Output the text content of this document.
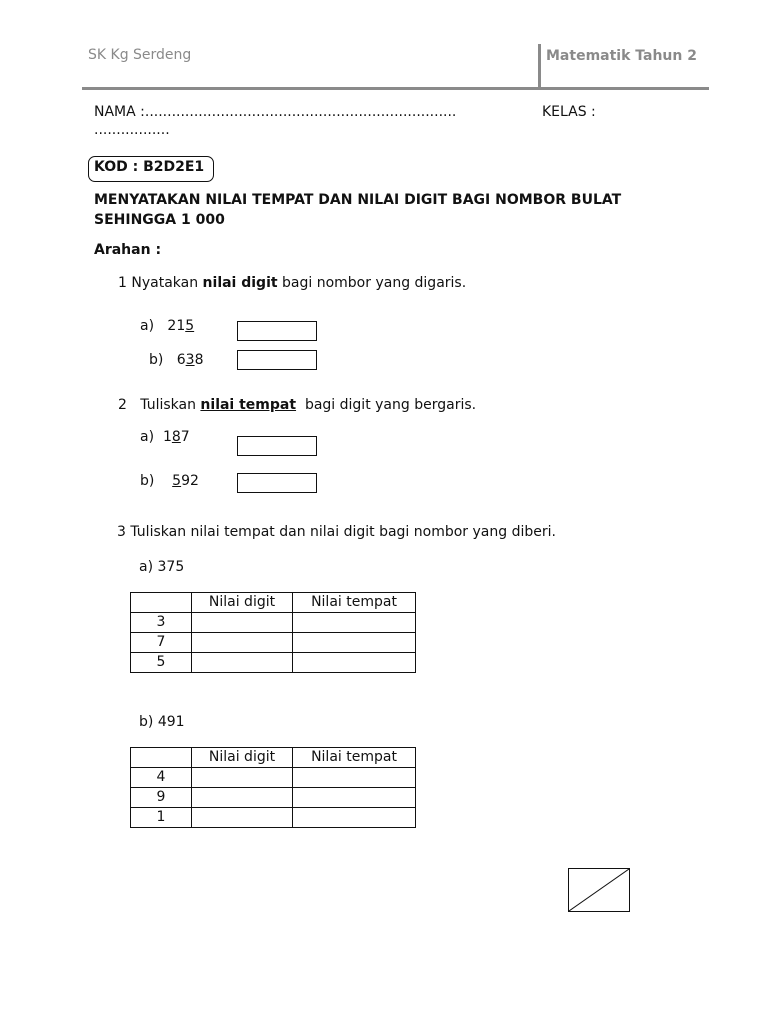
SK Kg Serdeng	Matematik Tahun 2
NAMA :......................................................................	KELAS :
.................
KOD : B2D2E1
MENYATAKAN NILAI TEMPAT DAN NILAI DIGIT BAGI NOMBOR BULAT SEHINGGA 1 000
Arahan :
1 Nyatakan nilai digit bagi nombor yang digaris.
a) 215
b) 638
2 Tuliskan nilai tempat bagi digit yang bergaris.
a) 187
b) 592
3 Tuliskan nilai tempat dan nilai digit bagi nombor yang diberi.
a) 375
	Nilai digit	Nilai tempat
3		
7		
5		
b) 491
	Nilai digit	Nilai tempat
4		
9		
1		
